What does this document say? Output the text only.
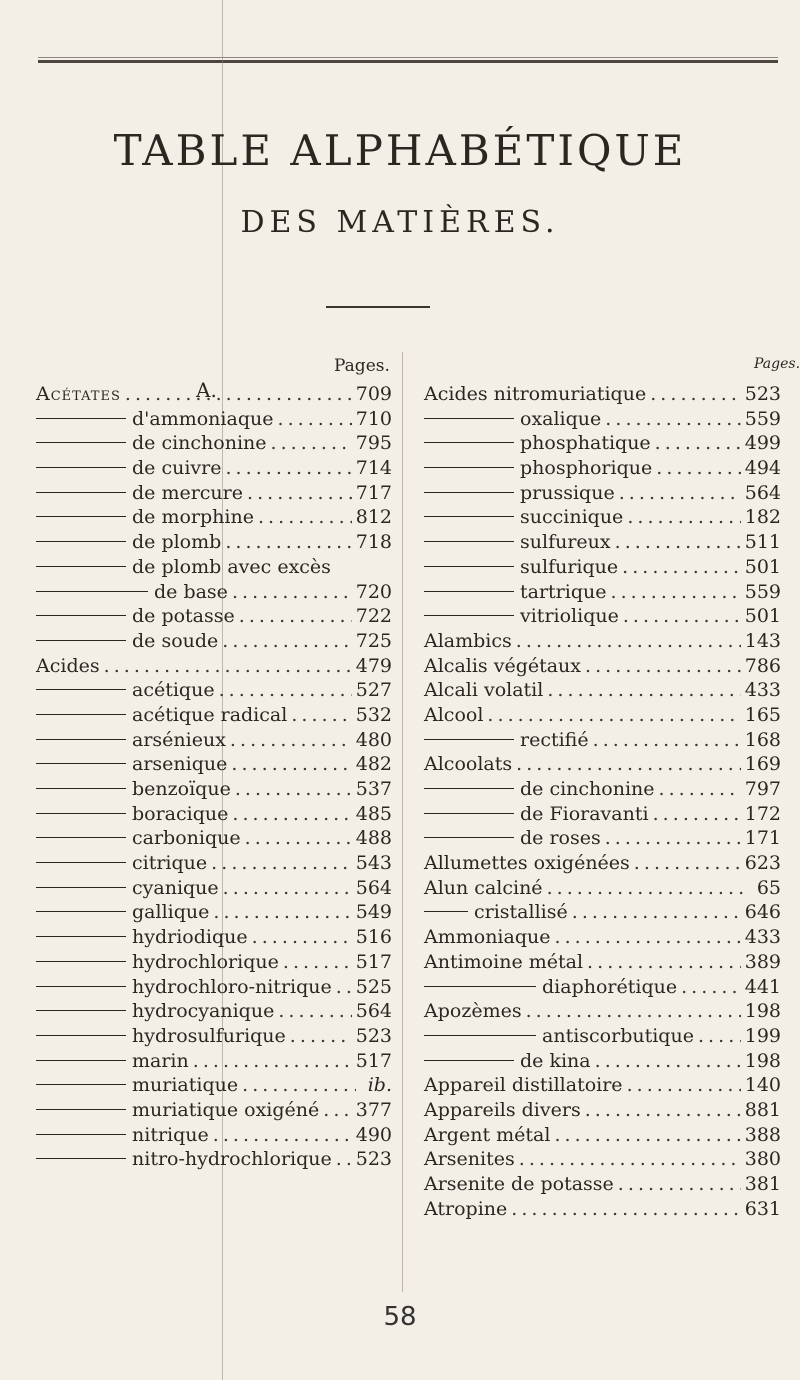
TABLE ALPHABÉTIQUE
DES MATIÈRES.
Pages.	Pages.
A.
Acétates . . .	709
d'ammoniaque . . .	710
de cinchonine . . .	795
de cuivre . . .	714
de mercure . . .	717
de morphine . . .	812
de plomb . . .	718
de plomb avec excès
de base . . .	720
de potasse . . .	722
de soude . . .	725
Acides . . .	479
acétique . . .	527
acétique radical . . .	532
arsénieux . . .	480
arsenique . . .	482
benzoïque . . .	537
boracique . . .	485
carbonique . . .	488
citrique . . .	543
cyanique . . .	564
gallique . . .	549
hydriodique . . .	516
hydrochlorique . . .	517
hydrochloro-nitrique . . . 525
hydrocyanique . . .	564
hydrosulfurique . . .	523
marin . . .	517
muriatique . . .	ib.
muriatique oxigéné . . . 377
nitrique . . .	490
nitro-hydrochlorique . . . 523
Acides nitromuriatique . . .	523
oxalique . . .	559
phosphatique . . .	499
phosphorique . . .	494
prussique . . .	564
succinique . . .	182
sulfureux . . .	511
sulfurique . . .	501
tartrique . . .	559
vitriolique . . .	501
Alambics . . .	143
Alcalis végétaux . . .	786
Alcali volatil . . .	433
Alcool . . .	165
rectifié . . .	168
Alcoolats . . .	169
de cinchonine . . .	797
de Fioravanti . . .	172
de roses . . .	171
Allumettes oxigénées . . .	623
Alun calciné . . .	65
cristallisé . . .	646
Ammoniaque . . .	433
Antimoine métal . . .	389
diaphorétique . . .	441
Apozèmes . . .	198
antiscorbutique . . .	199
de kina . . .	198
Appareil distillatoire . . .	140
Appareils divers . . .	881
Argent métal . . .	388
Arsenites . . .	380
Arsenite de potasse . . .	381
Atropine . . .	631
58
